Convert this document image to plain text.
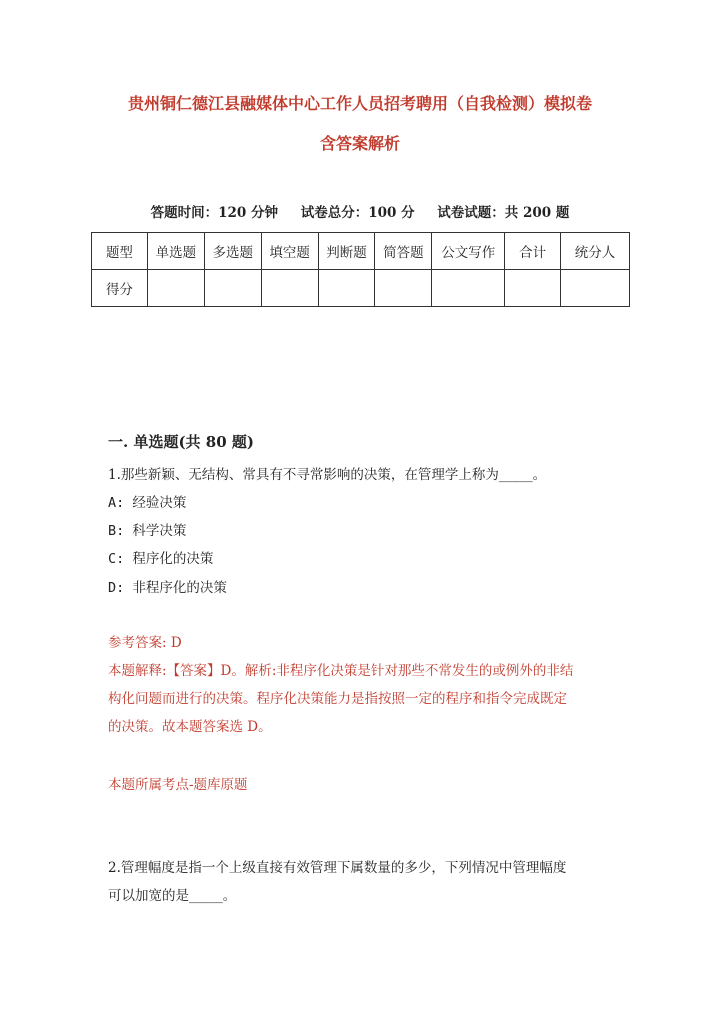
贵州铜仁德江县融媒体中心工作人员招考聘用（自我检测）模拟卷
含答案解析
答题时间：120 分钟 试卷总分：100 分 试卷试题：共 200 题
题型	单选题	多选题	填空题	判断题	简答题	公文写作	合计	统分人
得分								
一. 单选题(共 80 题)
1.那些新颖、无结构、常具有不寻常影响的决策，在管理学上称为_____。
A: 经验决策
B: 科学决策
C: 程序化的决策
D: 非程序化的决策
参考答案: D
本题解释:【答案】D。解析:非程序化决策是针对那些不常发生的或例外的非结
构化问题而进行的决策。程序化决策能力是指按照一定的程序和指令完成既定
的决策。故本题答案选 D。
本题所属考点-题库原题
2.管理幅度是指一个上级直接有效管理下属数量的多少，下列情况中管理幅度
可以加宽的是_____。
